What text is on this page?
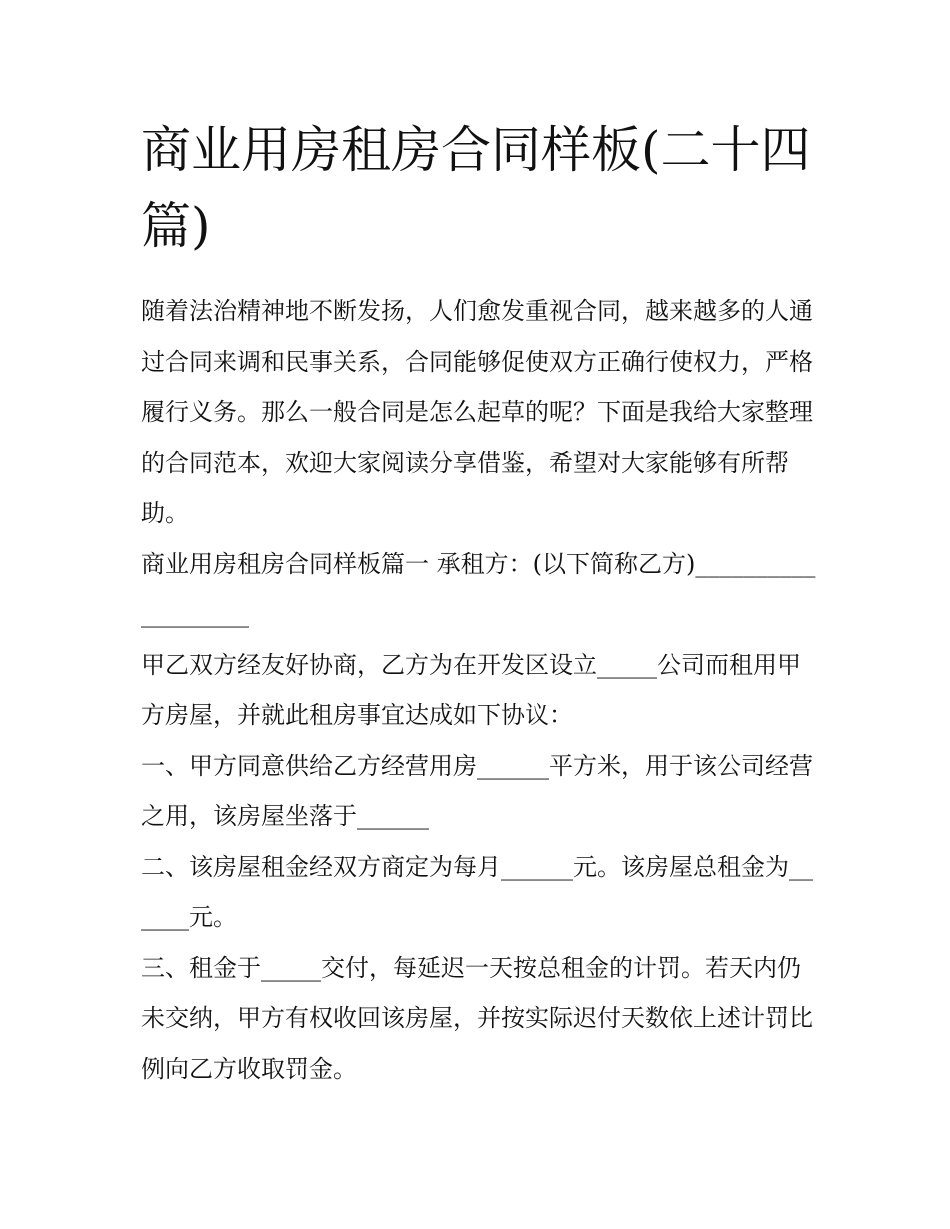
商业用房租房合同样板(二十四篇)

随着法治精神地不断发扬，人们愈发重视合同，越来越多的人通过合同来调和民事关系，合同能够促使双方正确行使权力，严格履行义务。那么一般合同是怎么起草的呢？下面是我给大家整理的合同范本，欢迎大家阅读分享借鉴，希望对大家能够有所帮助。

商业用房租房合同样板篇一 承租方：(以下简称乙方)___________________

甲乙双方经友好协商，乙方为在开发区设立_____公司而租用甲方房屋，并就此租房事宜达成如下协议：

一、甲方同意供给乙方经营用房______平方米，用于该公司经营之用，该房屋坐落于______

二、该房屋租金经双方商定为每月______元。该房屋总租金为______元。

三、租金于_____交付，每延迟一天按总租金的计罚。若天内仍未交纳，甲方有权收回该房屋，并按实际迟付天数依上述计罚比例向乙方收取罚金。
